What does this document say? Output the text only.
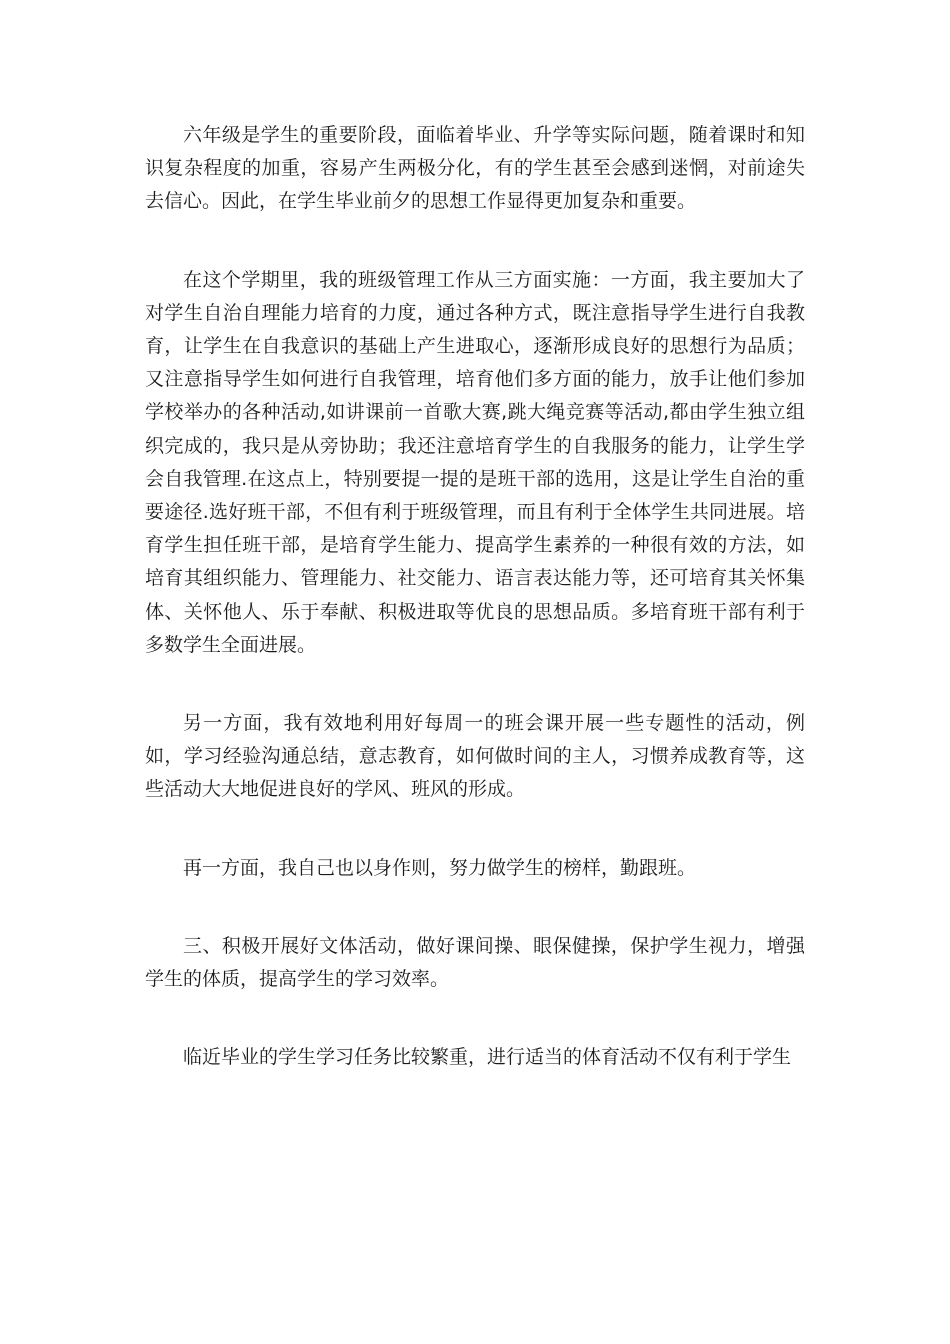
六年级是学生的重要阶段，面临着毕业、升学等实际问题，随着课时和知识复杂程度的加重，容易产生两极分化，有的学生甚至会感到迷惘，对前途失去信心。因此，在学生毕业前夕的思想工作显得更加复杂和重要。

在这个学期里，我的班级管理工作从三方面实施：一方面，我主要加大了对学生自治自理能力培育的力度，通过各种方式，既注意指导学生进行自我教育，让学生在自我意识的基础上产生进取心，逐渐形成良好的思想行为品质；又注意指导学生如何进行自我管理，培育他们多方面的能力，放手让他们参加学校举办的各种活动,如讲课前一首歌大赛,跳大绳竞赛等活动,都由学生独立组织完成的，我只是从旁协助；我还注意培育学生的自我服务的能力，让学生学会自我管理.在这点上，特别要提一提的是班干部的选用，这是让学生自治的重要途径.选好班干部，不但有利于班级管理，而且有利于全体学生共同进展。培育学生担任班干部，是培育学生能力、提高学生素养的一种很有效的方法，如培育其组织能力、管理能力、社交能力、语言表达能力等，还可培育其关怀集体、关怀他人、乐于奉献、积极进取等优良的思想品质。多培育班干部有利于多数学生全面进展。

另一方面，我有效地利用好每周一的班会课开展一些专题性的活动，例如，学习经验沟通总结，意志教育，如何做时间的主人，习惯养成教育等，这些活动大大地促进良好的学风、班风的形成。

再一方面，我自己也以身作则，努力做学生的榜样，勤跟班。

三、积极开展好文体活动，做好课间操、眼保健操，保护学生视力，增强学生的体质，提高学生的学习效率。

临近毕业的学生学习任务比较繁重，进行适当的体育活动不仅有利于学生
